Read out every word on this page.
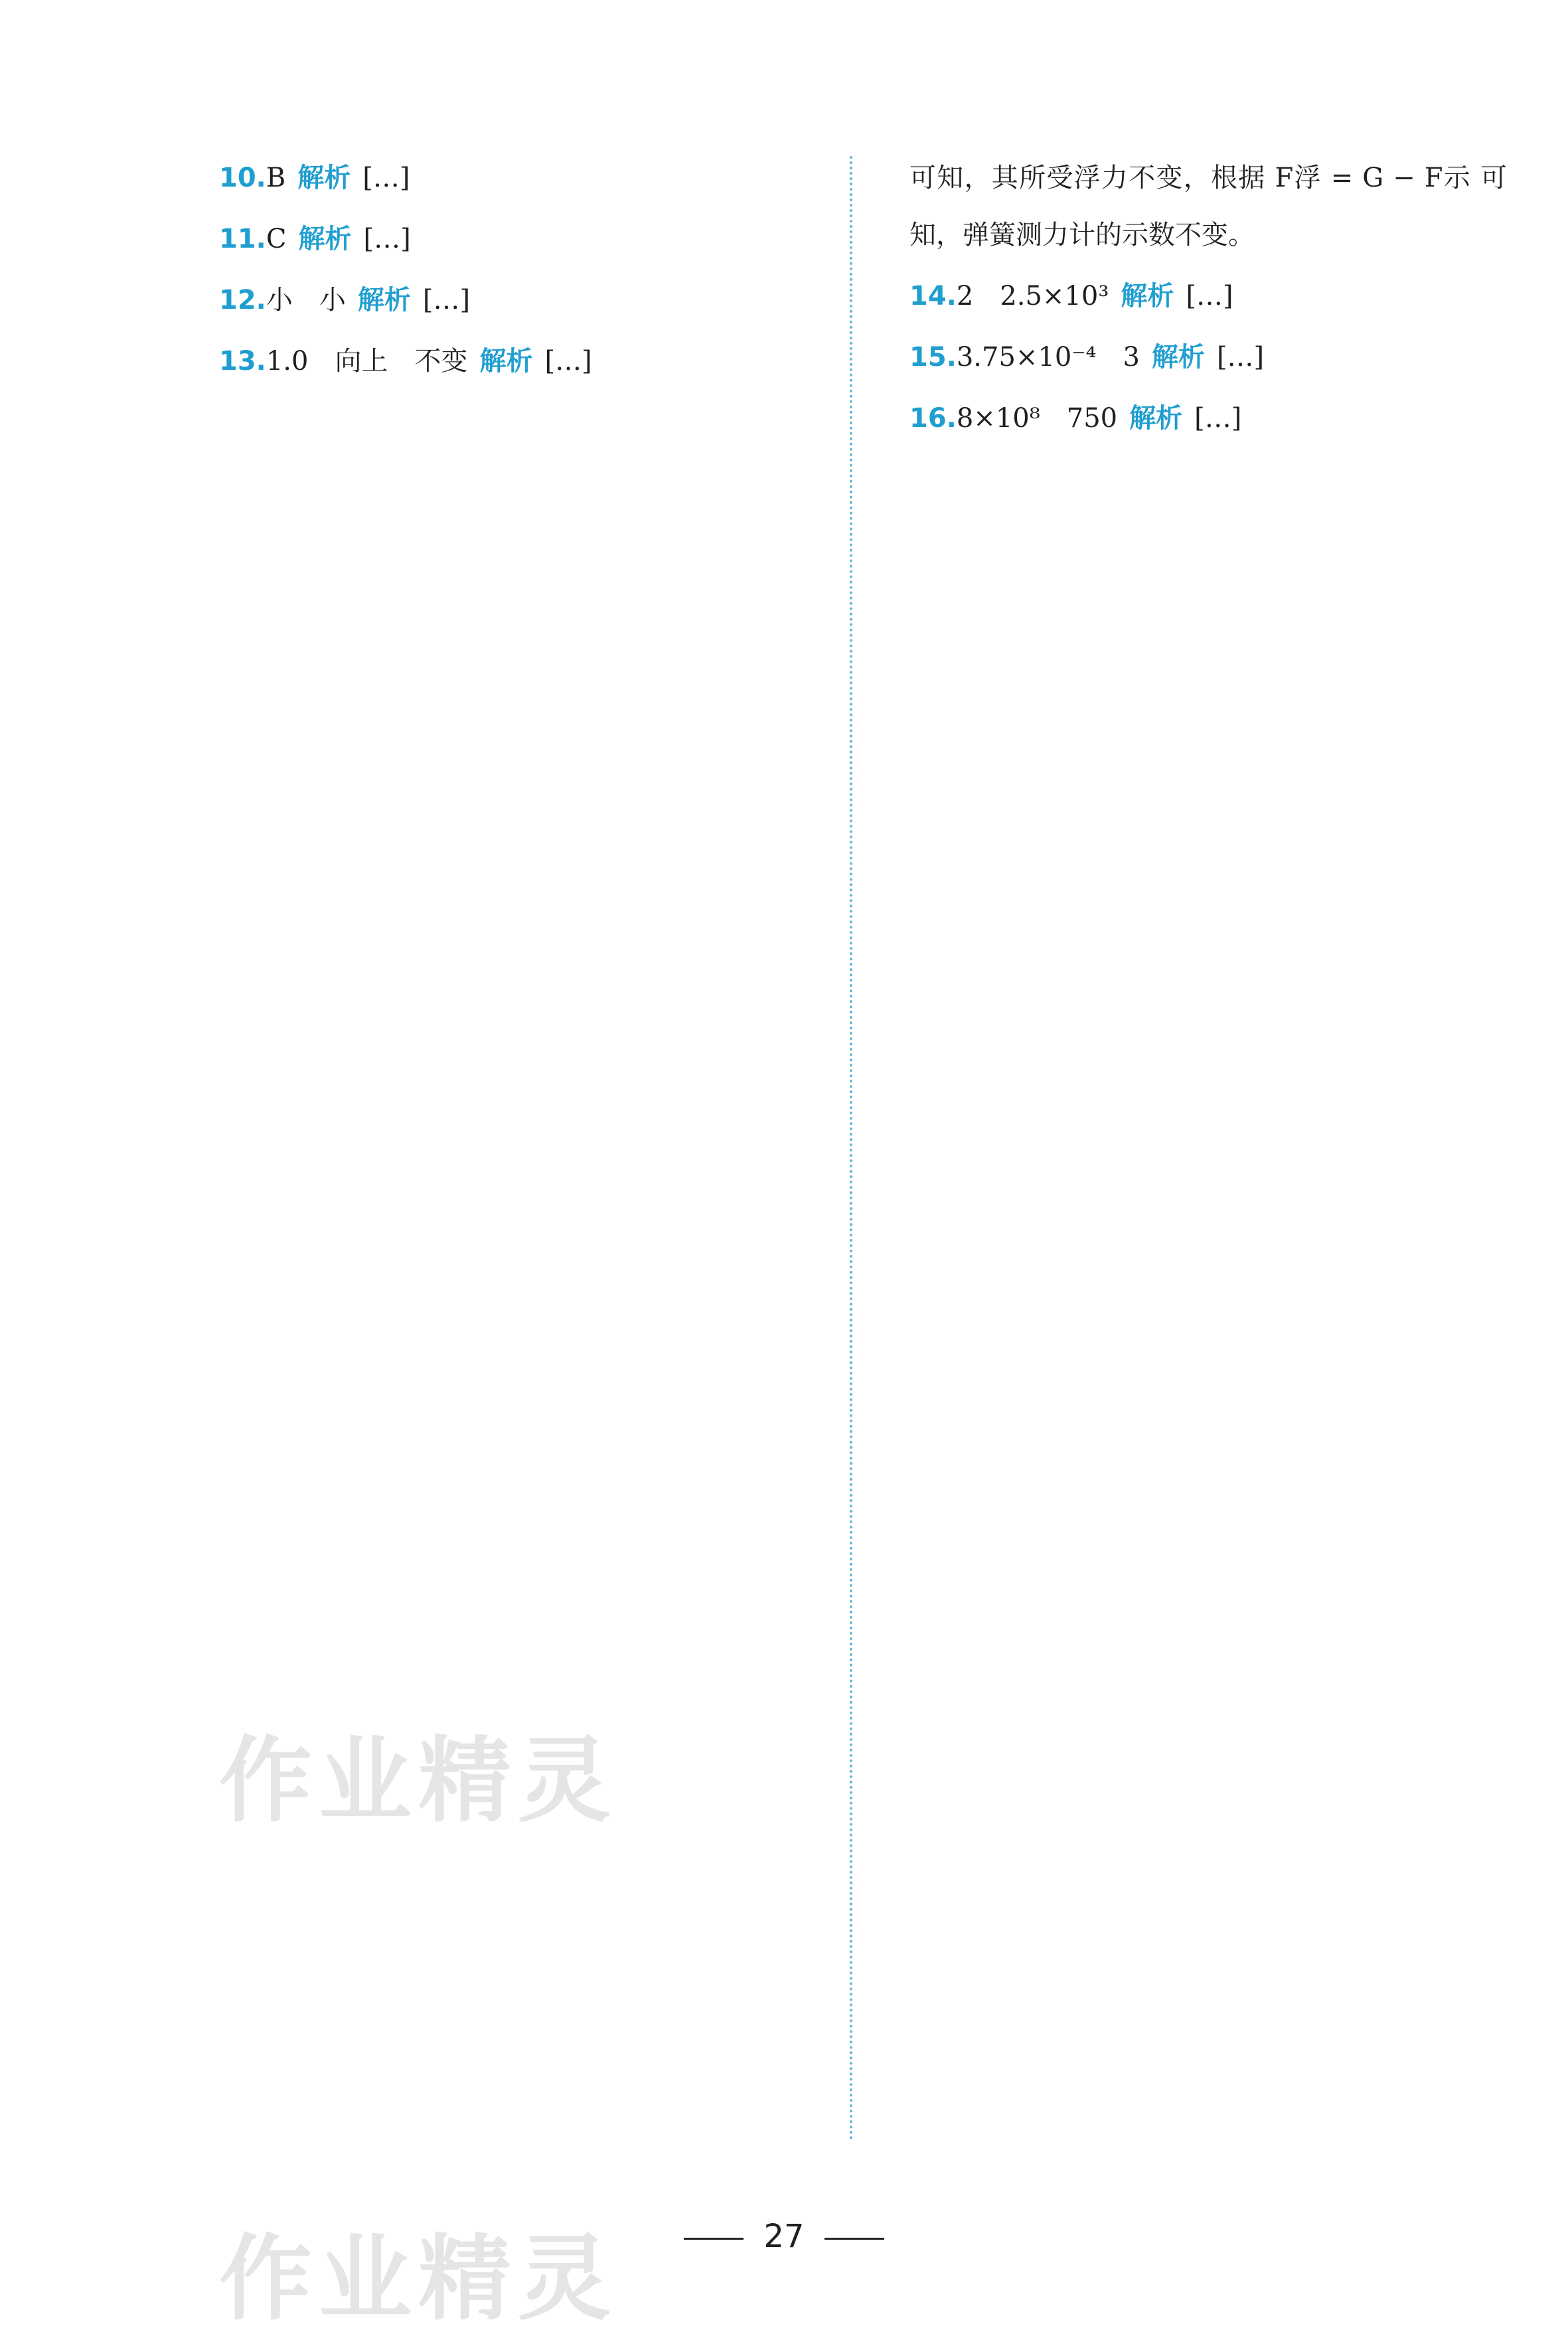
10.B 解析 […]
11.C 解析 […]
12.小　小 解析 […]
13.1.0　向上　不变 解析 […]
可知，其所受浮力不变，根据 F浮 = G − F示 可知，弹簧测力计的示数不变。
14.2　2.5×10³ 解析 […]
15.3.75×10⁻⁴　3 解析 […]
16.8×10⁸　750 解析 […]
作业精灵
作业精灵	27
